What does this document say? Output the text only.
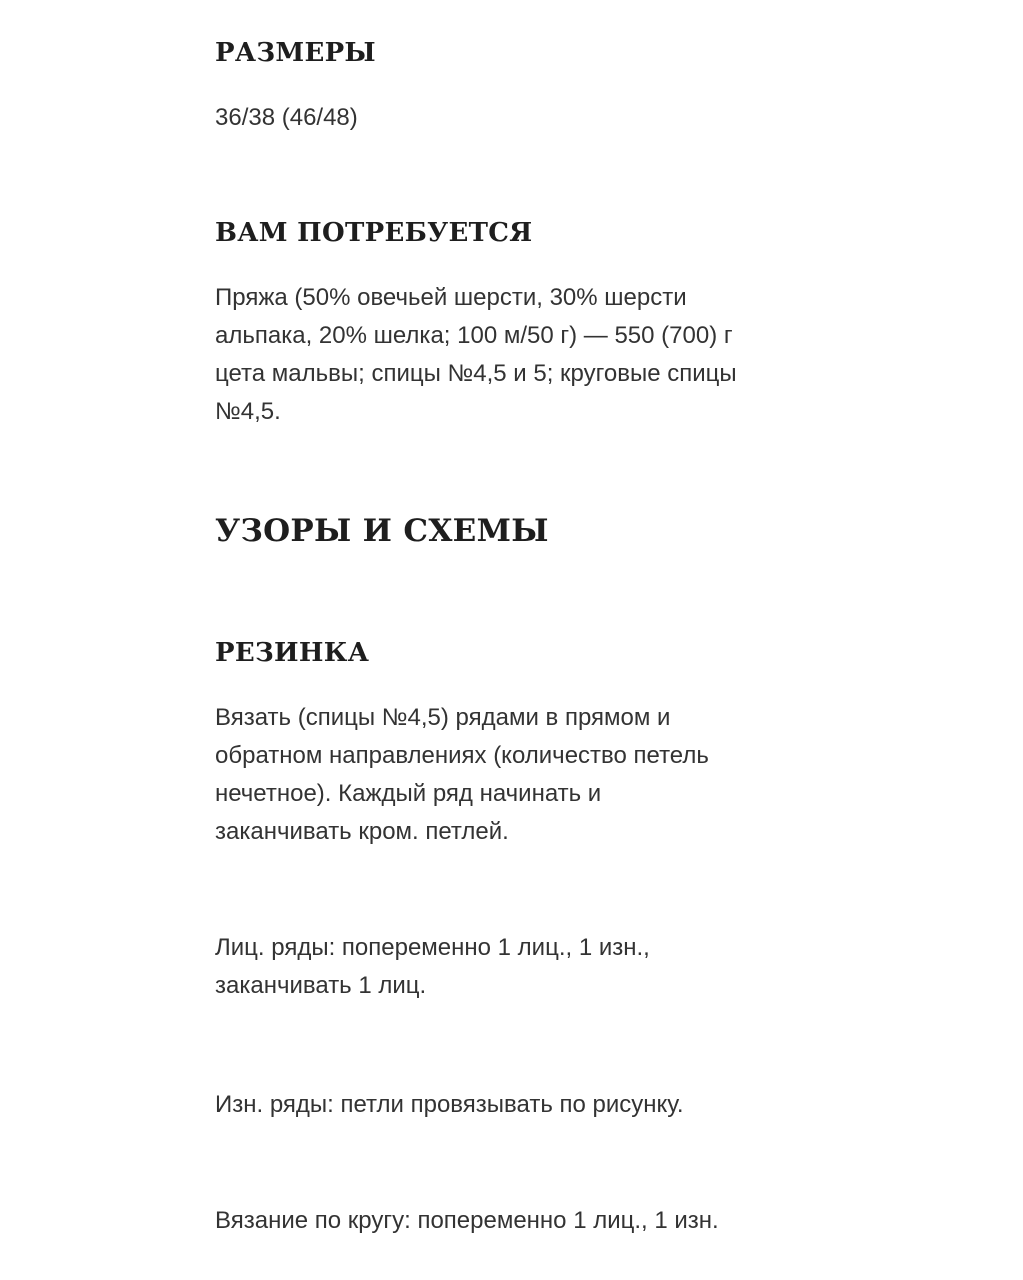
РАЗМЕРЫ

36/38 (46/48)

ВАМ ПОТРЕБУЕТСЯ

Пряжа (50% овечьей шерсти, 30% шерсти
альпака, 20% шелка; 100 м/50 г) — 550 (700) г
цета мальвы; спицы №4,5 и 5; круговые спицы
№4,5.

УЗОРЫ И СХЕМЫ
РЕЗИНКА

Вязать (спицы №4,5) рядами в прямом и
обратном направлениях (количество петель
нечетное). Каждый ряд начинать и
заканчивать кром. петлей.

Лиц. ряды: попеременно 1 лиц., 1 изн.,
заканчивать 1 лиц.

Изн. ряды: петли провязывать по рисунку.

Вязание по кругу: попеременно 1 лиц., 1 изн.
